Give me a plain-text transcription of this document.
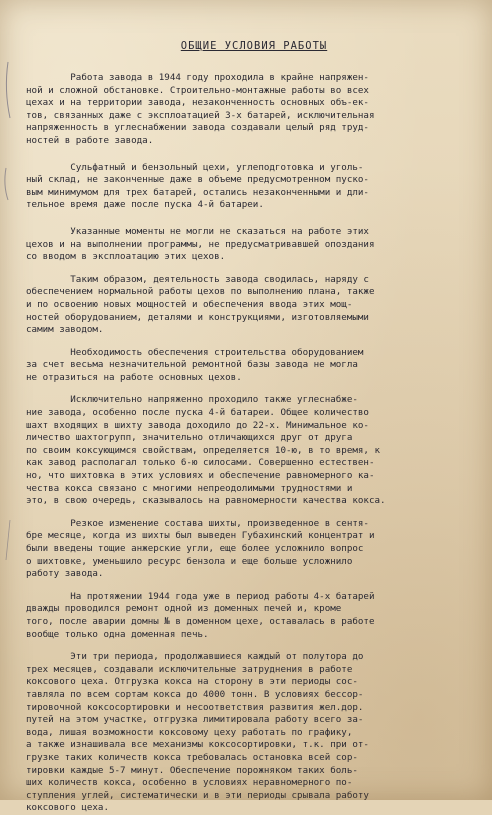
ОБЩИЕ УСЛОВИЯ РАБОТЫ
Работа завода в 1944 году проходила в крайне напряжен-
ной и сложной обстановке. Строительно-монтажные работы во всех
цехах и на территории завода, незаконченность основных объ-ек-
тов, связанных даже с эксплоатацией 3-х батарей, исключительная
напряженность в углеснабжении завода создавали целый ряд труд-
ностей в работе завода.
Сульфатный и бензольный цехи, углеподготовка и уголь-
ный склад, не законченные даже в объеме предусмотренном пуско-
вым минимумом для трех батарей, остались незаконченными и дли-
тельное время даже после пуска 4-й батареи.
Указанные моменты не могли не сказаться на работе этих
цехов и на выполнении программы, не предусматривавшей опоздания
со вводом в эксплоатацию этих цехов.
Таким образом, деятельность завода сводилась, наряду с
обеспечением нормальной работы цехов по выполнению плана, также
и по освоению новых мощностей и обеспечения ввода этих мощ-
ностей оборудованием, деталями и конструкциями, изготовляемыми
самим заводом.
Необходимость обеспечения строительства оборудованием
за счет весьма незначительной ремонтной базы завода не могла
не отразиться на работе основных цехов.
Исключительно напряженно проходило также углеснабже-
ние завода, особенно после пуска 4-й батареи. Общее количество
шахт входящих в шихту завода доходило до 22-х. Минимальное ко-
личество шахтогрупп, значительно отличающихся друг от друга
по своим коксующимся свойствам, определяется 10-ю, в то время, к
как завод располагал только 6-ю силосами. Совершенно естествен-
но, что шихтовка в этих условиях и обеспечение равномерного ка-
чества кокса связано с многими непреодолимыми трудностями и
это, в свою очередь, сказывалось на равномерности качества кокса.
Резкое изменение состава шихты, произведенное в сентя-
бре месяце, когда из шихты был выведен Губахинский концентрат и
были введены тощие анжерские угли, еще более усложнило вопрос
о шихтовке, уменьшило ресурс бензола и еще больше усложнило
работу завода.
На протяжении 1944 года уже в период работы 4-х батарей
дважды проводился ремонт одной из доменных печей и, кроме
того, после аварии домны № в доменном цехе, оставалась в работе
вообще только одна доменная печь.
Эти три периода, продолжавшиеся каждый от полутора до
трех месяцев, создавали исключительные затруднения в работе
коксового цеха. Отгрузка кокса на сторону в эти периоды сос-
тавляла по всем сортам кокса до 4000 тонн. В условиях бессор-
тировочной коксосортировки и несоответствия развития жел.дор.
путей на этом участке, отгрузка лимитировала работу всего за-
вода, лишая возможности коксовому цеху работать по графику,
а также изнашивала все механизмы коксосортировки, т.к. при от-
грузке таких количеств кокса требовалась остановка всей сор-
тировки каждые 5-7 минут. Обеспечение порожняком таких боль-
ших количеств кокса, особенно в условиях неравномерного по-
ступления углей, систематически и в эти периоды срывала работу
коксового цеха.
